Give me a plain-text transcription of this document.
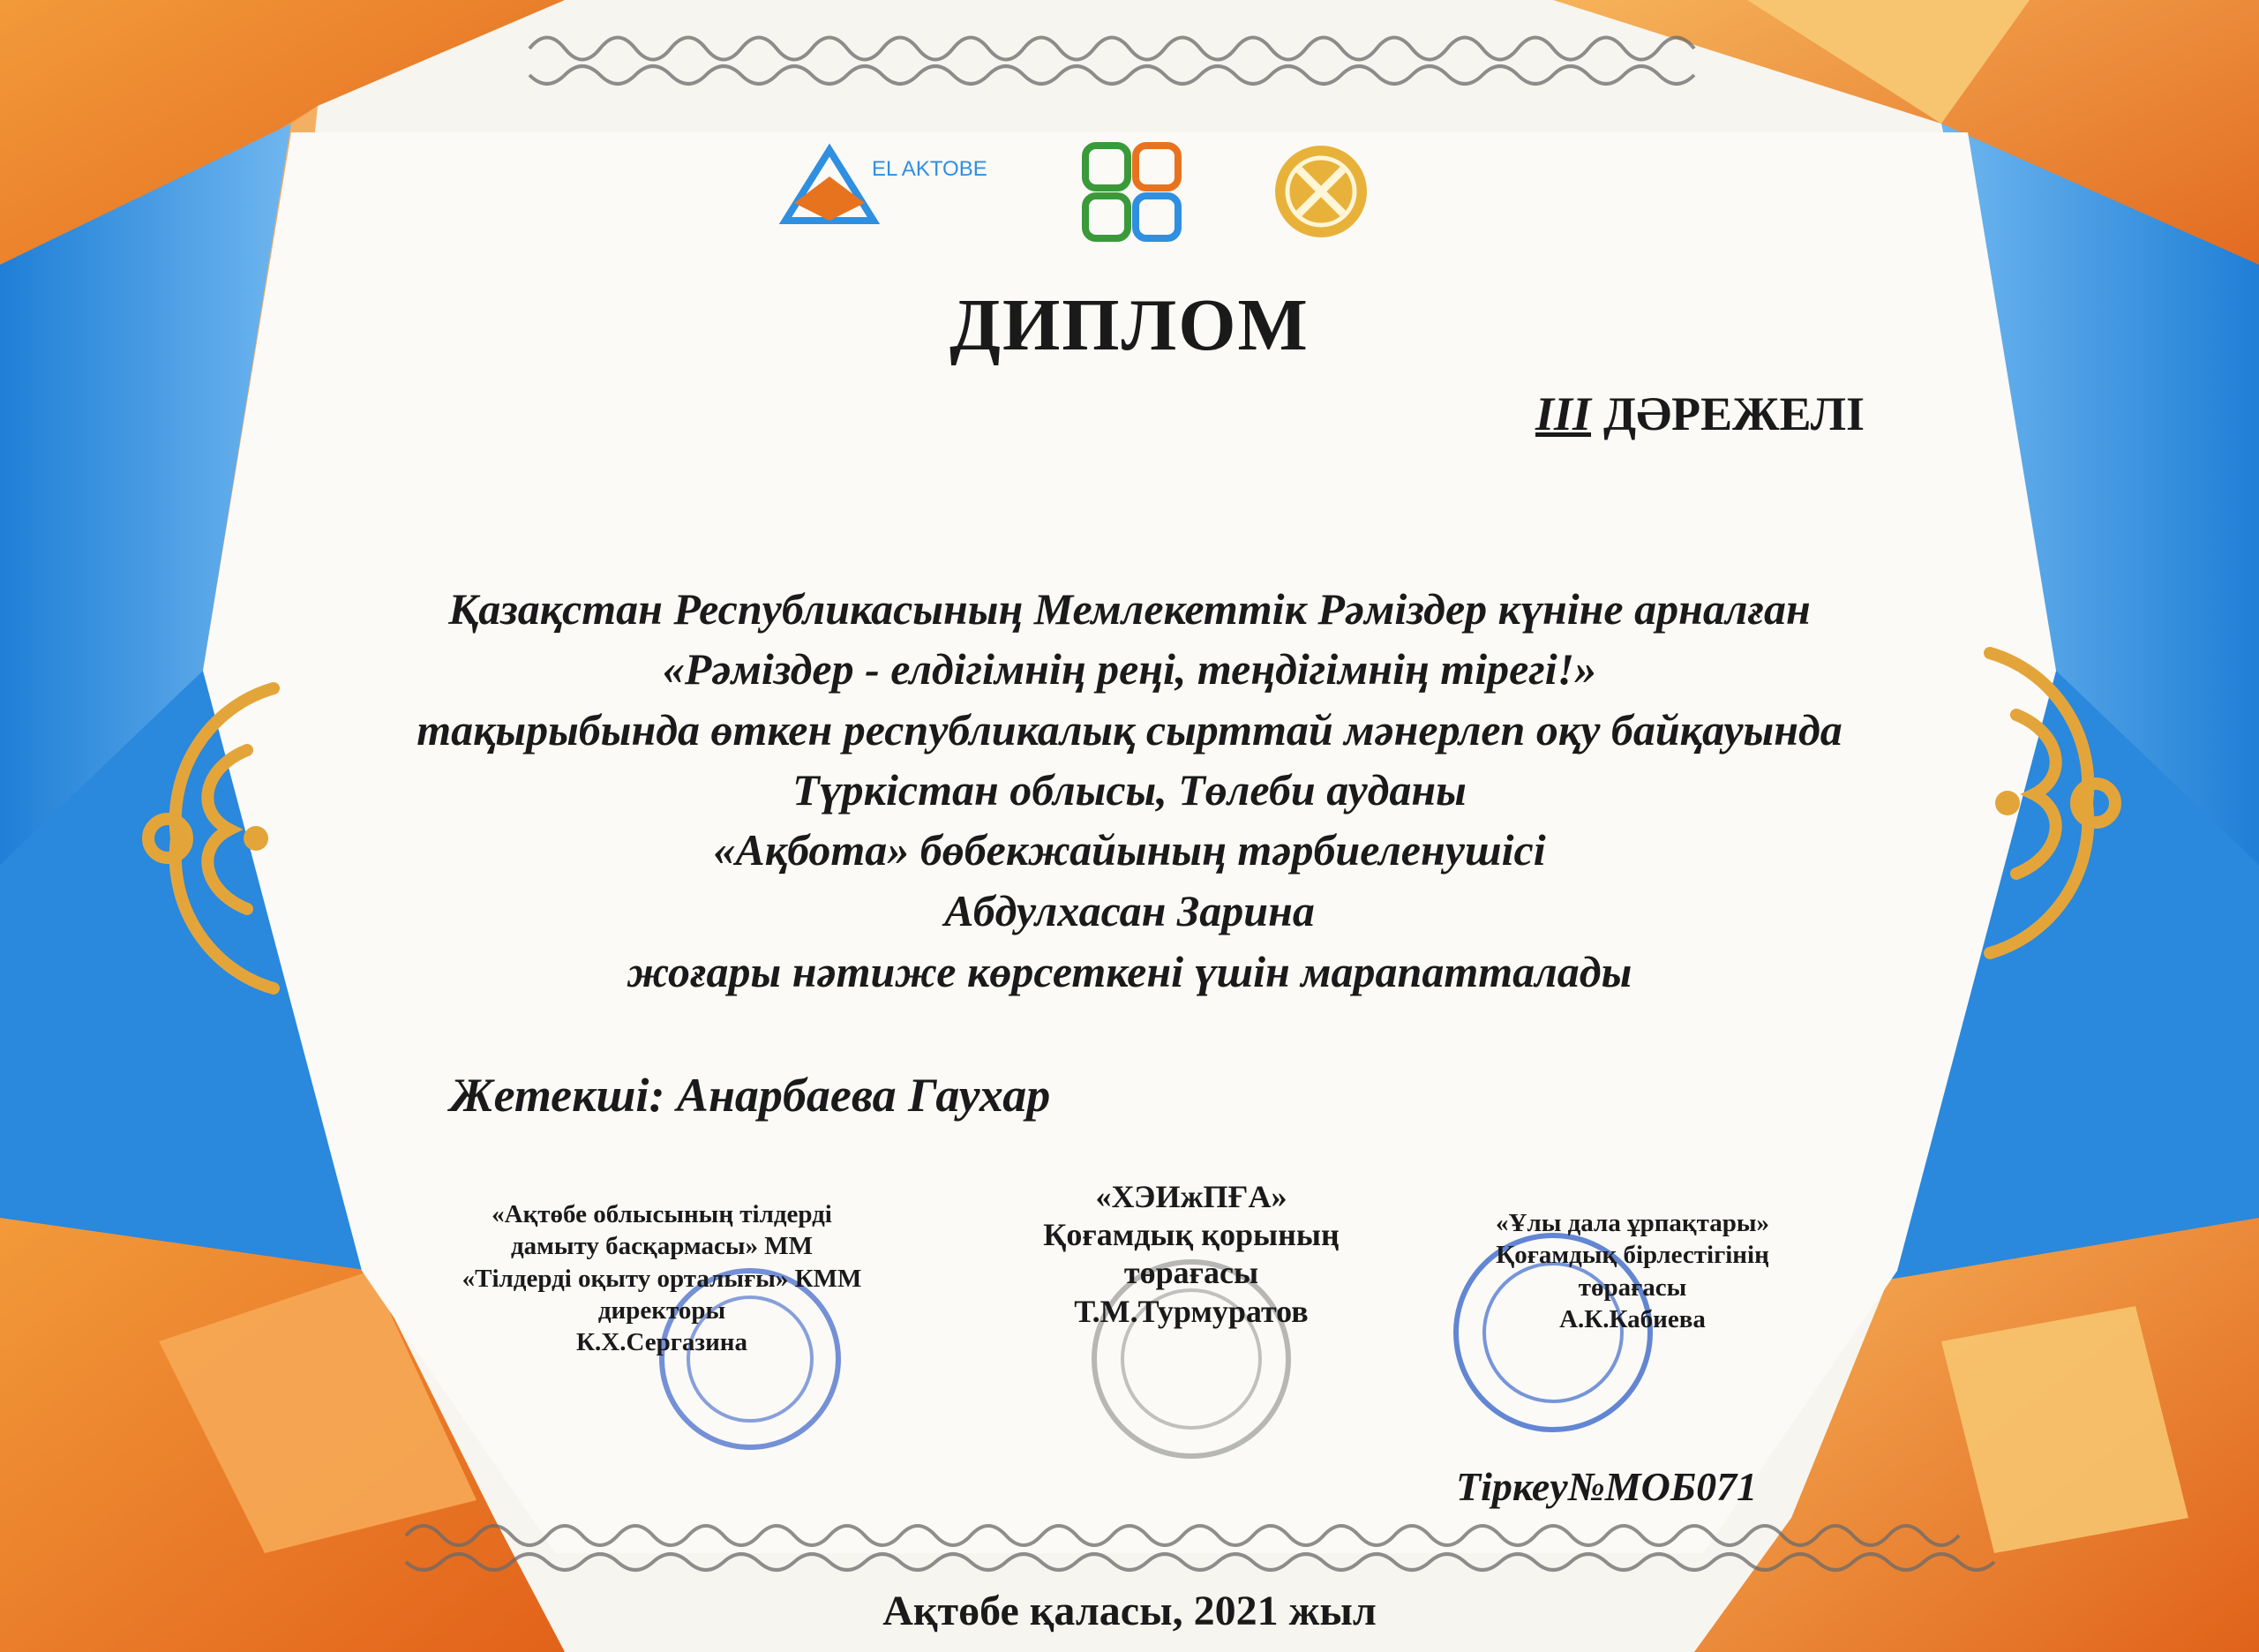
EL AKTOBE
ДИПЛОМ
III ДӘРЕЖЕЛІ
Қазақстан Республикасының Мемлекеттік Рәміздер күніне арналған
«Рәміздер - елдігімнің реңі, теңдігімнің тірегі!»
тақырыбында өткен республикалық сырттай мәнерлеп оқу байқауында
Түркістан облысы, Төлеби ауданы
«Ақбота» бөбекжайының тәрбиеленушісі
Абдулхасан Зарина
жоғары нәтиже көрсеткені үшін марапатталады
Жетекші: Анарбаева Гаухар
«Ақтөбе облысының тілдерді
дамыту басқармасы» ММ
«Тілдерді оқыту орталығы» КММ
директоры
К.Х.Сергазина
«ХЭИжПҒА»
Қоғамдық қорының
төрағасы
Т.М.Турмуратов
«Ұлы дала ұрпақтары»
Қоғамдық бірлестігінің
төрағасы
А.К.Кабиева
Тіркеу№МОБ071
Ақтөбе қаласы, 2021 жыл
